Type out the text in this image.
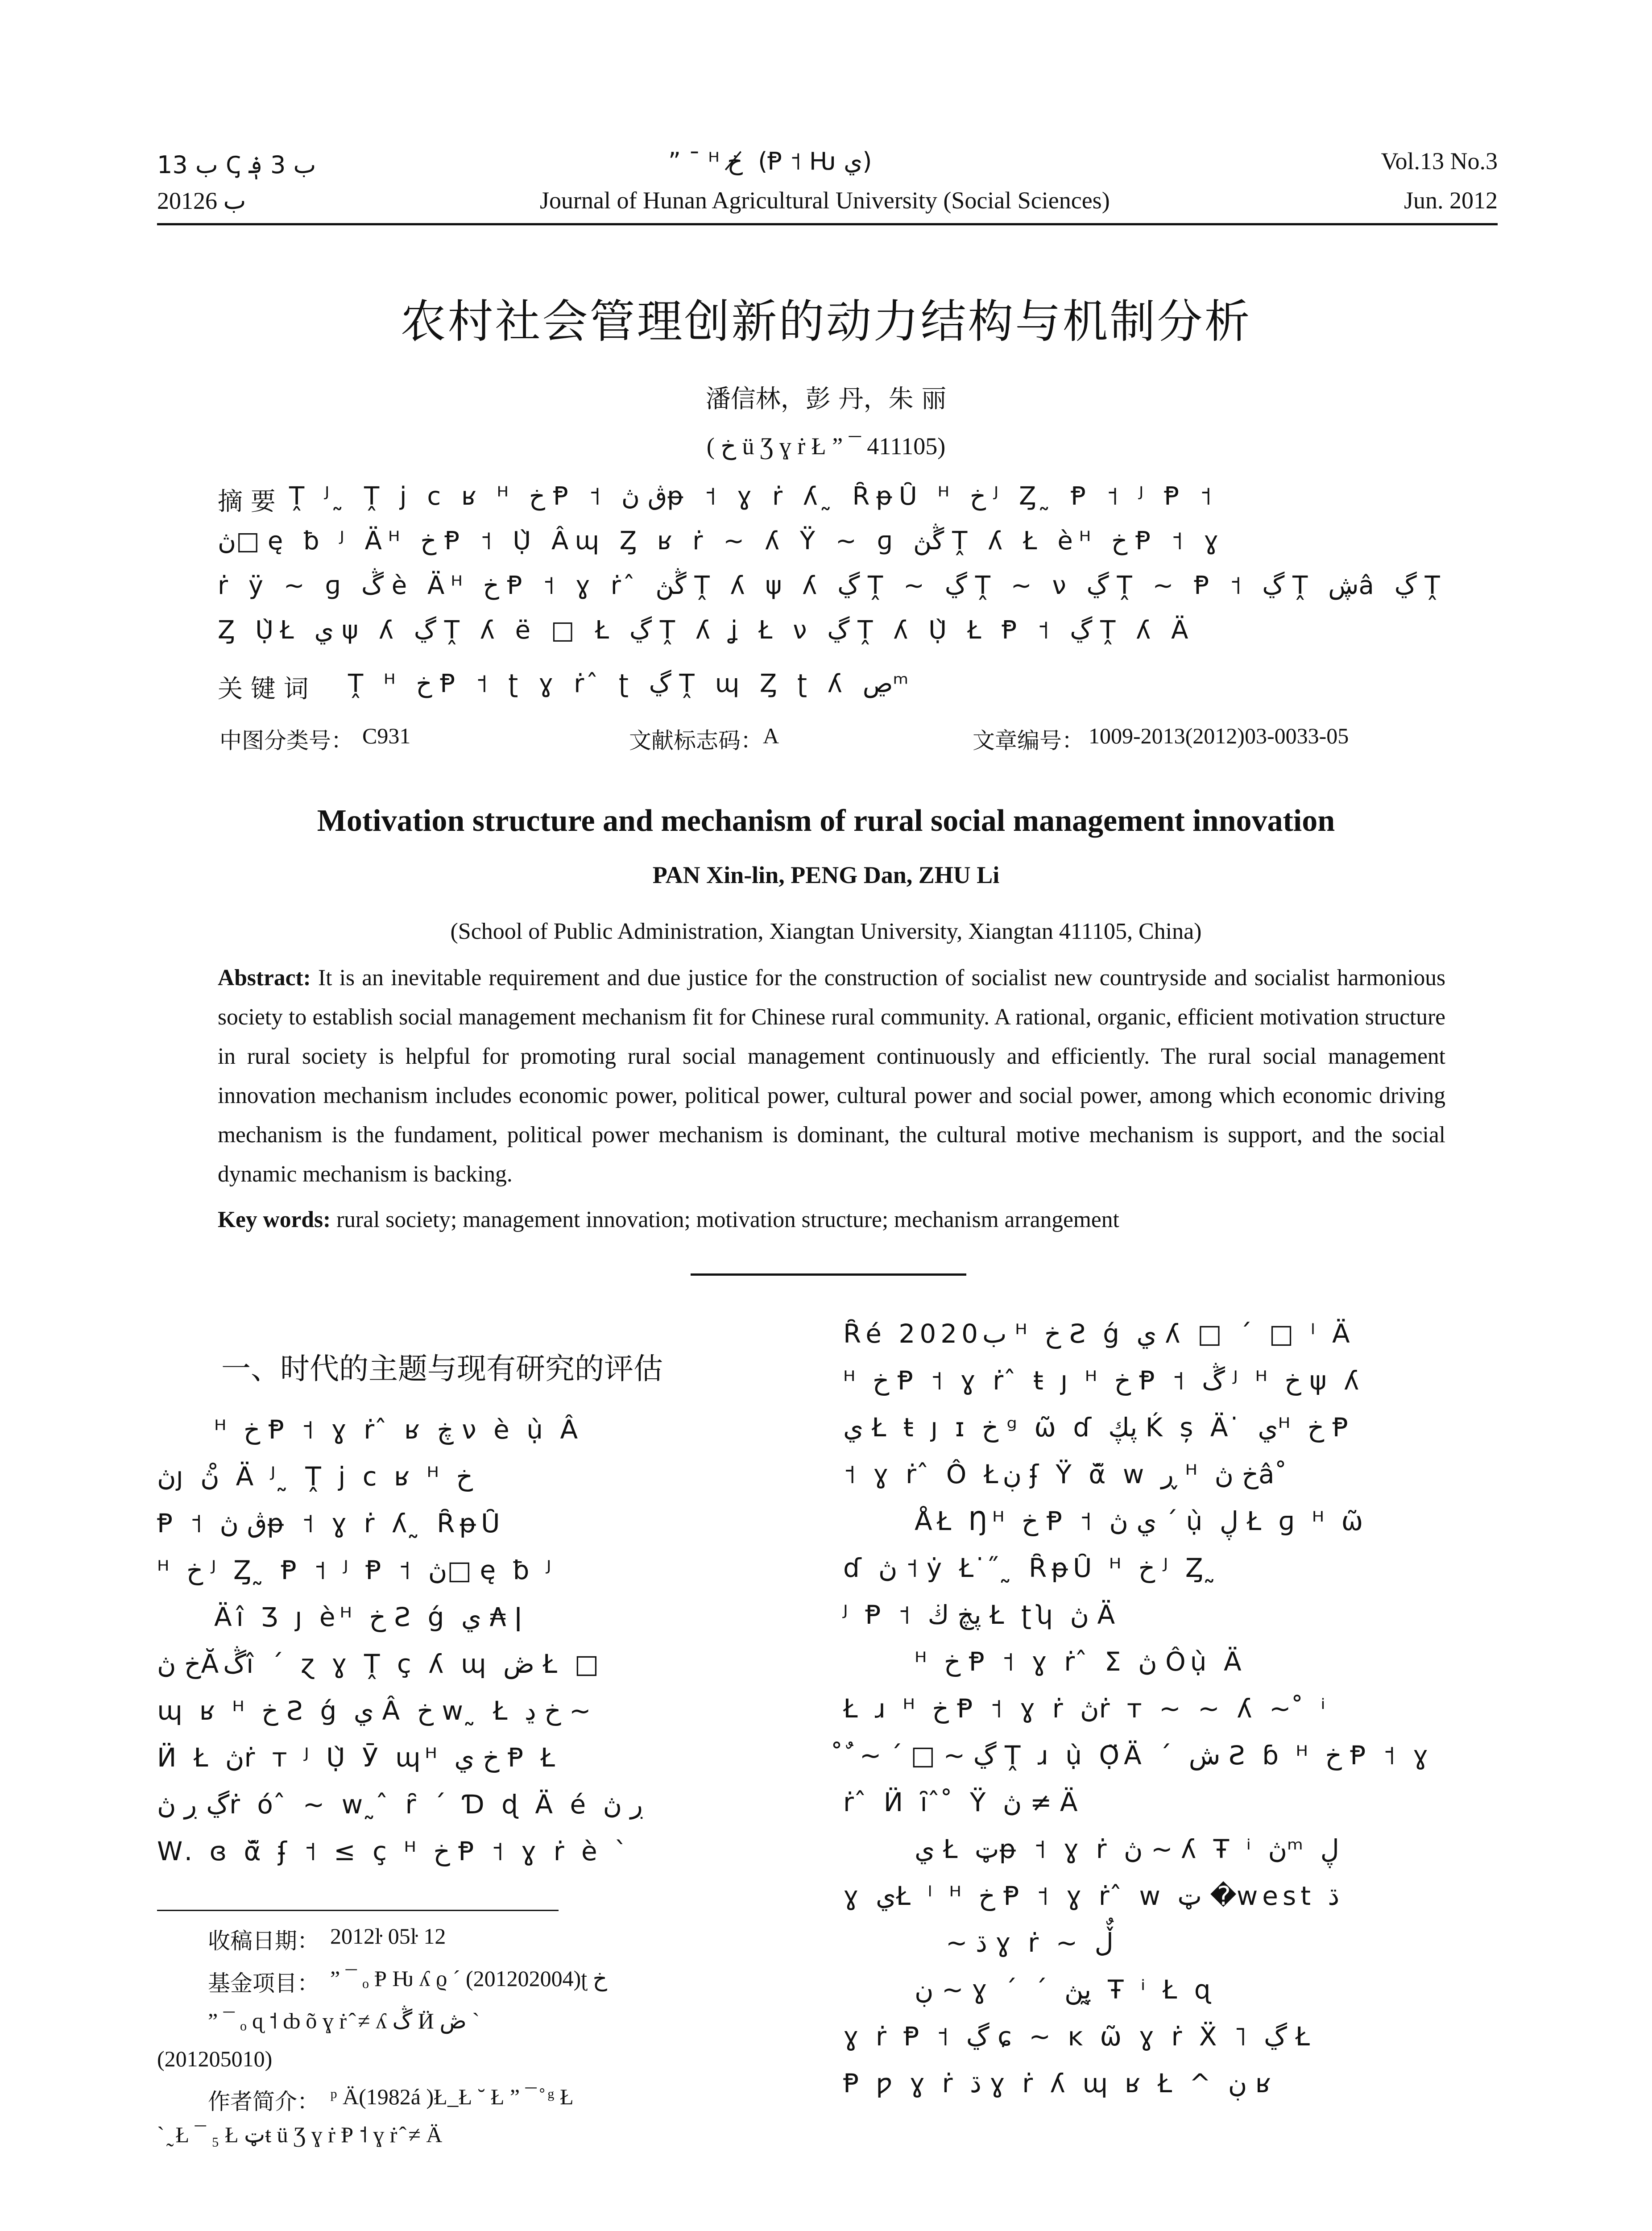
ب 13 ‌Ꞔ ب 3 ؋
2012ب 6
” ¯ ᴴ خ ̸ (Ᵽ ˦ Ƕ ي)
Journal of Hunan Agricultural University (Social Sciences)
Vol.13 No.3
Jun. 2012
农村社会管理创新的动力结构与机制分析
潘信林，彭 丹，朱 丽
( خ ü Ʒ ɣ ṙ Ł ” ¯ 411105)
摘 要 Ṱ ᴶ ̰ Ṱ ϳ c ʁ ᴴ خ Ᵽ ˦ ڨ ڽᵽ ˦ ɣ ṙ ʎ ̰ ȒᵽȖ ᴴ خ ᴶ Ȥ ̰ Ᵽ ˦ ᴶ Ᵽ ˦
ڽ□ ę ƀ ᴶ Äᴴ خ Ᵽ ˦ Ụ̀ Âɰ Ȥ ʁ ṙ ~ ʎ Ÿ ~ ɡ ڴڽ Ṱ ʎ Ł èᴴ خ Ᵽ ˦ ɣ
ṙ ÿ ~ ɡ ڴ è Äᴴ خ Ᵽ ˦ ɣ ṙ ̂ ڴڽ Ṱ ʎ ψ ʎ ڲ Ṱ ~ ڲ Ṱ ~ ν ڲ Ṱ ~ Ᵽ ˦ ڲ Ṱ ڜâ ڲ Ṱ
Ȥ Ụ̀Ł ي ψ ʎ ڲ Ṱ ʎ ë □ Ł ڲ Ṱ ʎ ʝ Ł ν ڲ Ṱ ʎ Ụ̀ Ł Ᵽ ˦ ڲ Ṱ ʎ Ä
关 键 词 Ṱ ᴴ خ Ᵽ ˦ ʈ ɣ ṙ ̂ ʈ ڲ Ṱ ɰ Ȥ ʈ ʎ ڝᵐ
中图分类号： C931	文献标志码： A	文章编号： 1009-2013(2012)03-0033-05
Motivation structure and mechanism of rural social management innovation
PAN Xin-lin, PENG Dan, ZHU Li
(School of Public Administration, Xiangtan University, Xiangtan 411105, China)
Abstract: It is an inevitable requirement and due justice for the construction of socialist new countryside and socialist harmonious society to establish social management mechanism fit for Chinese rural community. A rational, organic, efficient motivation structure in rural society is helpful for promoting rural social management continuously and efficiently. The rural social management innovation mechanism includes economic power, political power, cultural power and social power, among which economic driving mechanism is the fundament, political power mechanism is dominant, the cultural motive mechanism is support, and the social dynamic mechanism is backing.
Key words: rural society; management innovation; motivation structure; mechanism arrangement
一、时代的主题与现有研究的评估
ᴴ خ Ᵽ ˦ ɣ ṙ ̂ ʁ ڿ ν è ụ̀ Â
ڽȷ ڽ ̊ Ä ᴶ ̰ Ṱ ϳ c ʁ ᴴ خ
Ᵽ ˦ ڨ ڽᵽ ˦ ɣ ṙ ʎ ̰ ȒᵽȖ
ᴴ خ ᴶ Ȥ ̰ Ᵽ ˦ ᴶ Ᵽ ˦ ڽ□ ę ƀ ᴶ
Äî Ʒ ȷ èᴴ خ Ƨ ǵ ي ₳ ǀ
خ ڽĂڴî ˊ ɀ ɣ Ṱ ç ʎ ɰ ڞ Ł □
ɰ ʁ ᴴ خ Ƨ ǵ ي Â خ w ̰ Ł خ ڍ ~
Ӥ Ł ڽṙ ᴛ ᴶ Ụ̀ Ӯ ɰᴴ خ ي Ᵽ Ł
ڲ ڔ ڽṙ ó ̂ ~ w ̰ ̂ ȓ ˊ Ɗ ɖ Ä é ڔ ڽ
W. ɞ ᾰ̃ ʄ ˦ ≤ ç ᴴ خ Ᵽ ˦ ɣ ṙ è ˋ
收稿日期： 2012ŀ 05ŀ 12
基金项目： ” ¯ ₒ Ᵽ Ƕ ʎ ϱ ˊ (201202004)ʈ خ
” ¯ ₒ ɋ ˦ ȸ õ ɣ ṙ ̂ ≠ ʎ ڴ Ӥ ڞ ˋ
(201205010)
作者简介： ᵖ Ӓ(1982á )Ł ̲ Ł ˘ Ł ” ¯ ̊ ᵍ Ł
ˋ ̰ Ł ¯ ₅ Ł ټŧ ü Ʒ ɣ ṙ Ᵽ ˦ ɣ ṙ ̂ ≠ Ä
Ȓé 2020ب ᴴ خ Ƨ ǵ ي ʎ □ ˊ □ ˡ Ä
ᴴ خ Ᵽ ˦ ɣ ṙ ̂ ŧ ȷ ᴴ خ Ᵽ ˦ ڴ ᴶ ᴴ خ ψ ʎ
ي Ł ŧ ȷ ɪ خ ᵍ ω̃ ɗ ڽڮ Ḱ ș Ä ̇ يᴴ خ Ᵽ
˦ ɣ ṙ ̂ Ô Łڹ ʄ Ÿ ᾰ̃ w ڕ ᴴ خ ڽâ ̊
ÅŁ Ŋᴴ خ Ᵽ ˦ ي ڽ ˊ ụ̀ ڸ Ł ɡ ᴴ ω̃
ɗ ڽ ˦ ẏ Ł ̇ ̋ ̰ ȒᵽȖ ᴴ خ ᴶ Ȥ ̰
ᴶ Ᵽ ˦ ڽڿ ڬ Ł ʈʮ ڽ Ä
ᴴ خ Ᵽ ˦ ɣ ṙ ̂ Σ ڽ Ôụ̀ Ä
Ł ɹ ᴴ خ Ᵽ ˦ ɣ ṙ ڽṙ ᴛ ~ ~ ʎ ~ ̊ ⁱ
̊ ٌ ~ ˊ □ ~ ڲ Ṱ ɹ ụ̀ Ọ̈Ä ˊ ش Ƨ ɓ ᴴ خ Ᵽ ˦ ɣ
ṙ ̂ Ӥ ȋ ̂ ̊ Ÿ ڽ ≠ Ä
ي Ł ټᵽ ˦ ɣ ṙ ڽ ~ ʎ Ŧ ⁱ ڽᵐ ڸ
ɣ يŁ ˡ ᴴ خ Ᵽ ˦ ɣ ṙ ̂ w ټ �west ڌ
~ ڌ ɣ ṙ ~ ڵٌ
ڹ ~ ɣ ˊ ˊ ڽڽ ̰ Ŧ ⁱ Ł ɋ
ɣ ṙ Ᵽ ˦ ڲ ɕ ~ ĸ ω̃ ɣ ṙ Ẍ ˥ ڲ Ł
Ᵽ ƿ ɣ ṙ ڌ ɣ ṙ ʎ ɰ ʁ Ł ^ ڹ ʁ
